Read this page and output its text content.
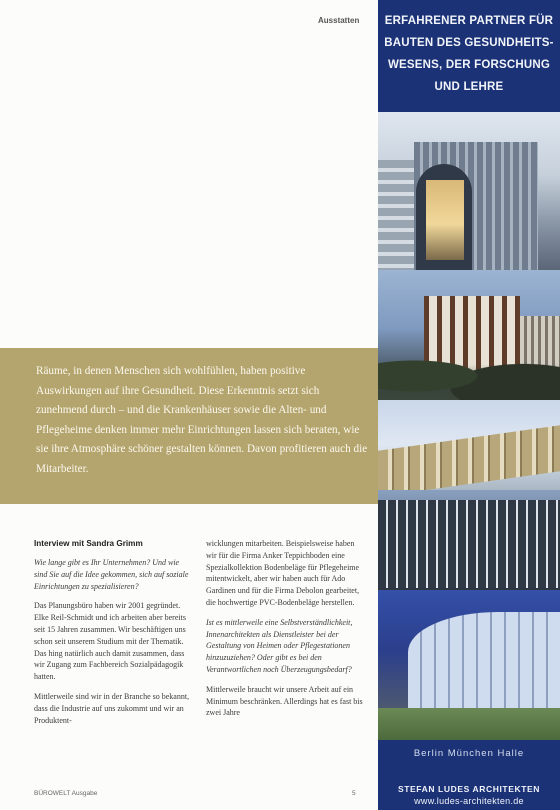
Ausstatten ERFAHRENER PARTNER FÜR
BAUTEN DES GESUNDHEITS-
WESENS, DER FORSCHUNG
UND LEHRE
Berlin München Halle
STEFAN LUDES ARCHITEKTEN
www.ludes-architekten.de

Räume, in denen Menschen sich wohlfühlen, haben positive Auswirkungen auf ihre Gesundheit. Diese Erkenntnis setzt sich zunehmend durch – und die Krankenhäuser sowie die Alten- und Pflegeheime denken immer mehr Einrichtungen lassen sich beraten, wie sie ihre Atmosphäre schöner gestalten können. Davon profitieren auch die Mitarbeiter.

Interview mit Sandra Grimm

Wie lange gibt es Ihr Unternehmen? Und wie sind Sie auf die Idee gekommen, sich auf soziale Einrichtungen zu spezialisieren?

Das Planungsbüro haben wir 2001 gegründet. Elke Reil-Schmidt und ich arbeiten aber bereits seit 15 Jahren zusammen. Wir beschäftigen uns schon seit unserem Studium mit der Thematik. Das hing natürlich auch damit zusammen, dass wir Zugang zum Fachbereich Sozialpädagogik hatten.

Mittlerweile sind wir in der Branche so bekannt, dass die Industrie auf uns zukommt und wir an Produktent-

wicklungen mitarbeiten. Beispielsweise haben wir für die Firma Anker Teppichboden eine Spezialkollektion Bodenbeläge für Pflegeheime mitentwickelt, aber wir haben auch für Ado Gardinen und für die Firma Debolon gearbeitet, die hochwertige PVC-Bodenbeläge herstellen.

Ist es mittlerweile eine Selbstverständlichkeit, Innenarchitekten als Dienstleister bei der Gestaltung von Heimen oder Pflegestationen hinzuzuziehen? Oder gibt es bei den Verantwortlichen noch Überzeugungsbedarf?

Mittlerweile braucht wir unsere Arbeit auf ein Minimum beschränken. Allerdings hat es fast bis zwei Jahre

BÜROWELT Ausgabe	5
